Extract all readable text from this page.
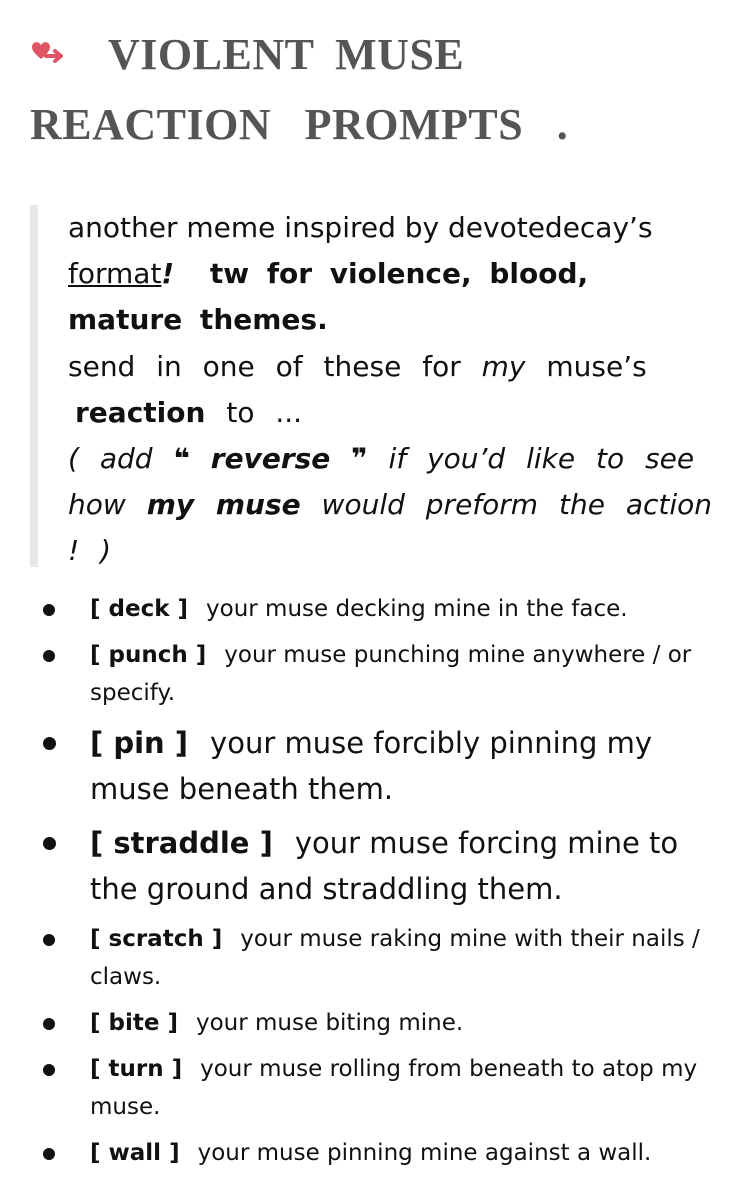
VIOLENT MUSE
REACTION PROMPTS .

another meme inspired by devotedecay’s
format! tw for violence, blood, mature themes.

send in one of these for my muse’s
reaction to ...

( add ❝ reverse ❞ if you’d like to see how my muse would preform the action ! )

[ deck ] your muse decking mine in the face.
[ punch ] your muse punching mine anywhere / or specify.
[ pin ] your muse forcibly pinning my muse beneath them.
[ straddle ] your muse forcing mine to the ground and straddling them.
[ scratch ] your muse raking mine with their nails / claws.
[ bite ] your muse biting mine.
[ turn ] your muse rolling from beneath to atop my muse.
[ wall ] your muse pinning mine against a wall.
